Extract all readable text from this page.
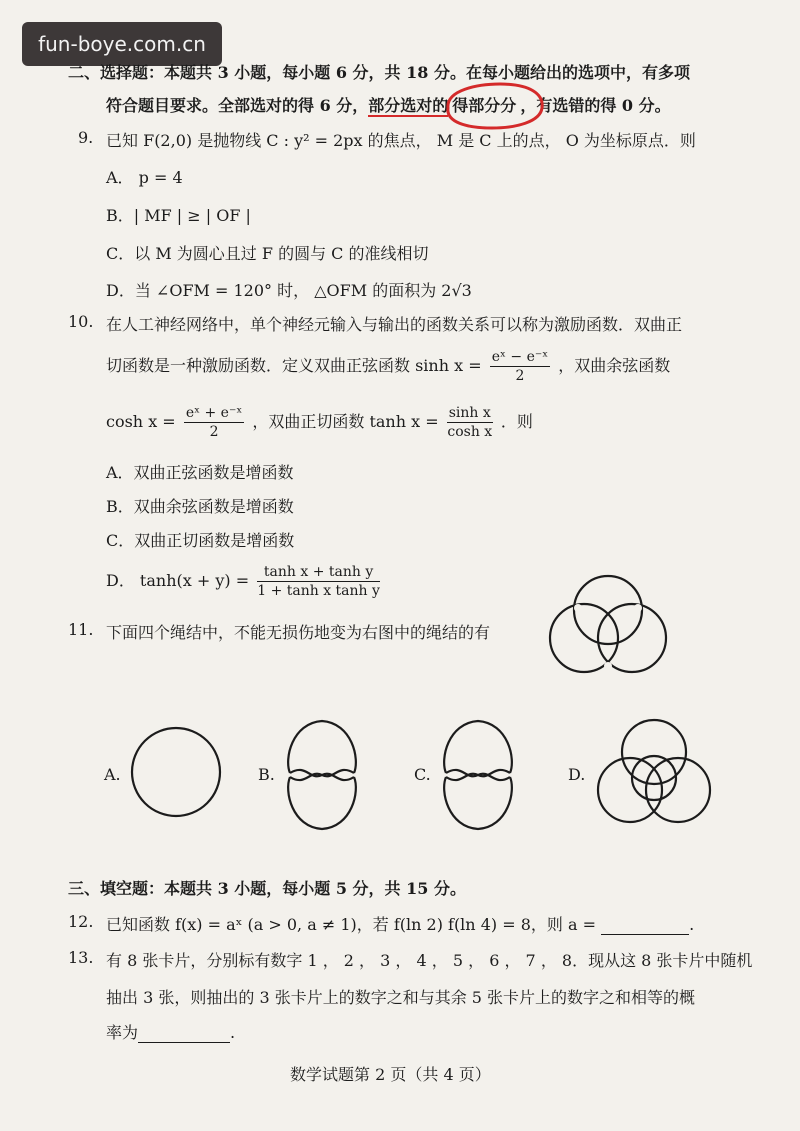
fun-boye.com.cn
二、选择题：本题共 3 小题，每小题 6 分，共 18 分。在每小题给出的选项中，有多项
符合题目要求。全部选对的得 6 分，部分选对的 得部分分 ，有选错的得 0 分。
9. 已知 F(2,0) 是抛物线 C : y² = 2px 的焦点， M 是 C 上的点， O 为坐标原点．则
A． p = 4
B．| MF | ≥ | OF |
C．以 M 为圆心且过 F 的圆与 C 的准线相切
D．当 ∠OFM = 120° 时， △OFM 的面积为 2√3
10. 在人工神经网络中，单个神经元输入与输出的函数关系可以称为激励函数．双曲正
切函数是一种激励函数．定义双曲正弦函数 $\sinh x = \frac{\text{eˣ − e⁻ˣ}}{2}$ ，双曲余弦函数
$\cosh x = \frac{\text{eˣ + e⁻ˣ}}{2}$ ，双曲正切函数 $\tanh x = \frac{\text{sinh x}}{\text{cosh x}}$ ．则
A．双曲正弦函数是增函数
B．双曲余弦函数是增函数
C．双曲正切函数是增函数
D． $\tanh(x + y) = \frac{\text{tanh x + tanh y}}{\text{1 + tanh x tanh y}}$
11. 下面四个绳结中，不能无损伤地变为右图中的绳结的有
A.	B.	C.	D.
三、填空题：本题共 3 小题，每小题 5 分，共 15 分。
12. 已知函数 f(x) = aˣ (a > 0, a ≠ 1)，若 f(ln 2) f(ln 4) = 8，则 a =	.
13. 有 8 张卡片，分别标有数字 1 ， 2 ， 3 ， 4 ， 5 ， 6 ， 7 ， 8．现从这 8 张卡片中随机
抽出 3 张，则抽出的 3 张卡片上的数字之和与其余 5 张卡片上的数字之和相等的概
率为	.
数学试题第 2 页（共 4 页）
